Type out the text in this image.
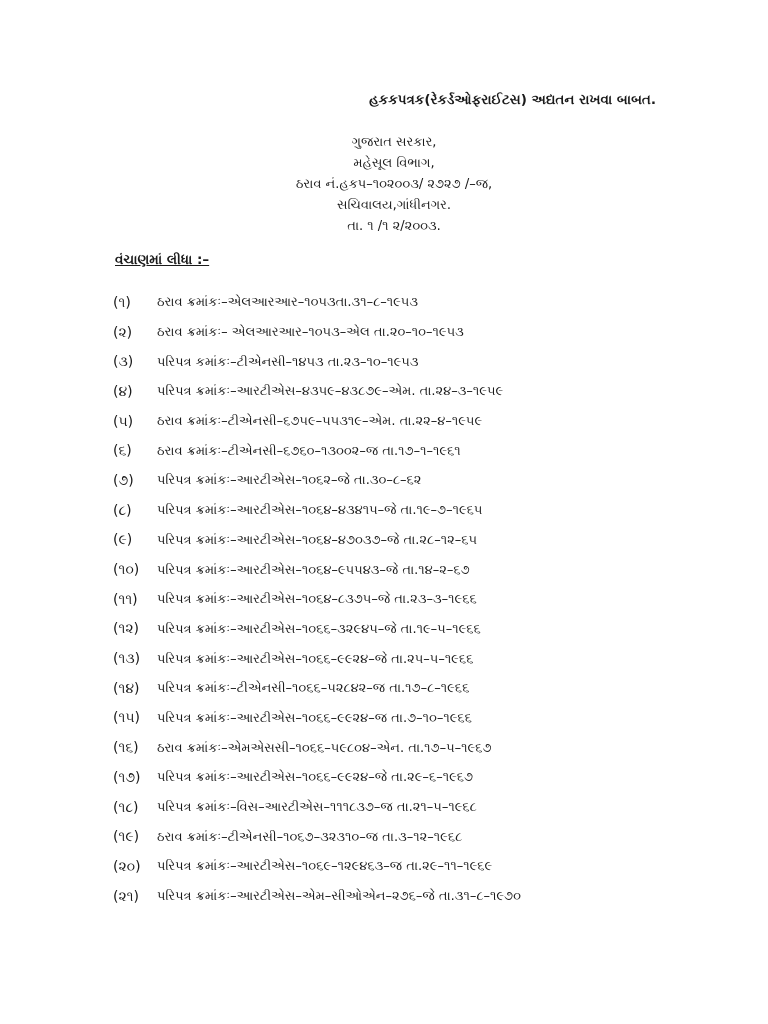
હકકપત્રક(રેકર્ડઓફરાઈટસ) અદ્યતન રાખવા બાબત.
ગુજરાત સરકાર,
મહેસૂલ વિભાગ,
ઠરાવ નં.હકપ–૧૦૨૦૦૩/ ૨૭૨૭ /–જ,
સચિવાલય,ગાંધીનગર.
તા. ૧ /૧ ૨/૨૦૦૩.
વંચાણમાં લીધા :–
(૧)	ઠરાવ ક્રમાંકઃ–એલઆરઆર–૧૦૫૩તા.૩૧–૮–૧૯૫૩
(૨)	ઠરાવ ક્રમાંકઃ– એલઆરઆર–૧૦૫૩–એલ તા.૨૦–૧૦–૧૯૫૩
(૩)	પરિપત્ર કમાંકઃ–ટીએનસી–૧૪૫૩ તા.૨૩–૧૦–૧૯૫૩
(૪)	પરિપત્ર ક્રમાંકઃ–આરટીએસ–૪૩૫૯–૪૩૮૭૯–એમ. તા.૨૪–૩–૧૯૫૯
(૫)	ઠરાવ ક્રમાંકઃ–ટીએનસી–૬૭૫૯–૫૫૩૧૯–એમ. તા.૨૨–૪–૧૯૫૯
(૬)	ઠરાવ ક્રમાંકઃ–ટીએનસી–૬૭૬૦–૧૩૦૦૨–જ તા.૧૭–૧–૧૯૬૧
(૭)	પરિપત્ર ક્રમાંકઃ–આરટીએસ–૧૦૬૨–જે તા.૩૦–૮–૬૨
(૮)	પરિપત્ર ક્રમાંકઃ–આરટીએસ–૧૦૬૪–૪૩૪૧૫–જે તા.૧૯–૭–૧૯૬૫
(૯)	પરિપત્ર ક્રમાંકઃ–આરટીએસ–૧૦૬૪–૪૭૦૩૭–જે તા.૨૮–૧૨–૬૫
(૧૦)	પરિપત્ર ક્રમાંકઃ–આરટીએસ–૧૦૬૪–૯૫૫૪૩–જે તા.૧૪–૨–૬૭
(૧૧)	પરિપત્ર ક્રમાંકઃ–આરટીએસ–૧૦૬૪–૮૩૭૫–જે તા.૨૩–૩–૧૯૬૬
(૧૨)	પરિપત્ર ક્રમાંકઃ–આરટીએસ–૧૦૬૬–૩૨૯૪૫–જે તા.૧૯–૫–૧૯૬૬
(૧૩)	પરિપત્ર ક્રમાંકઃ–આરટીએસ–૧૦૬૬–૯૯૨૪–જે તા.૨૫–૫–૧૯૬૬
(૧૪)	પરિપત્ર ક્રમાંકઃ–ટીએનસી–૧૦૬૬–૫૨૮૪૨–જ તા.૧૭–૮–૧૯૬૬
(૧૫)	પરિપત્ર ક્રમાંકઃ–આરટીએસ–૧૦૬૬–૯૯૨૪–જ તા.૭–૧૦–૧૯૬૬
(૧૬)	ઠરાવ ક્રમાંકઃ–એમએસસી–૧૦૬૬–૫૯૮૦૪–એન. તા.૧૭–૫–૧૯૬૭
(૧૭)	પરિપત્ર ક્રમાંકઃ–આરટીએસ–૧૦૬૬–૯૯૨૪–જે તા.૨૯–૬–૧૯૬૭
(૧૮)	પરિપત્ર ક્રમાંકઃ–વિસ–આરટીએસ–૧૧૧૮૩૭–જ તા.૨૧–૫–૧૯૬૮
(૧૯)	ઠરાવ ક્રમાંકઃ–ટીએનસી–૧૦૬૭–૩૨૩૧૦–જ તા.૩–૧૨–૧૯૬૮
(૨૦)	પરિપત્ર ક્રમાંકઃ–આરટીએસ–૧૦૬૯–૧૨૯૪૬૩–જ તા.૨૯–૧૧–૧૯૬૯
(૨૧)	પરિપત્ર ક્રમાંકઃ–આરટીએસ–એમ–સીઓએન–૨૭૬–જે તા.૩૧–૮–૧૯૭૦
